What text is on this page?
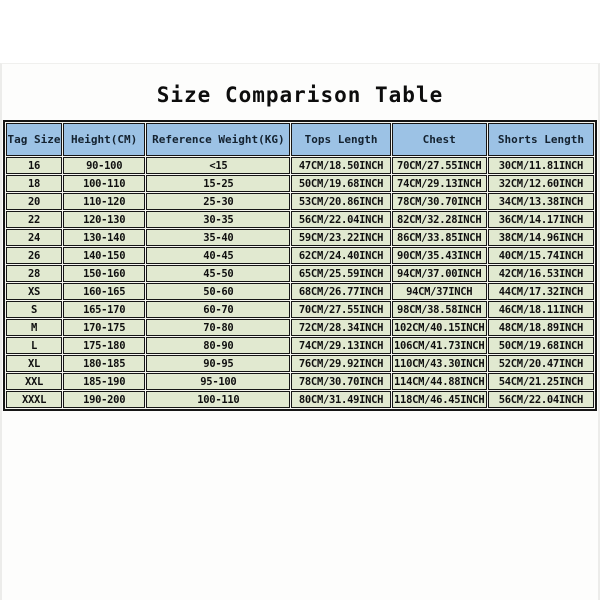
Size Comparison Table
Tag Size	Height(CM)	Reference Weight(KG)	Tops Length	Chest	Shorts Length
16	90-100	<15	47CM/18.50INCH	70CM/27.55INCH	30CM/11.81INCH
18	100-110	15-25	50CM/19.68INCH	74CM/29.13INCH	32CM/12.60INCH
20	110-120	25-30	53CM/20.86INCH	78CM/30.70INCH	34CM/13.38INCH
22	120-130	30-35	56CM/22.04INCH	82CM/32.28INCH	36CM/14.17INCH
24	130-140	35-40	59CM/23.22INCH	86CM/33.85INCH	38CM/14.96INCH
26	140-150	40-45	62CM/24.40INCH	90CM/35.43INCH	40CM/15.74INCH
28	150-160	45-50	65CM/25.59INCH	94CM/37.00INCH	42CM/16.53INCH
XS	160-165	50-60	68CM/26.77INCH	94CM/37INCH	44CM/17.32INCH
S	165-170	60-70	70CM/27.55INCH	98CM/38.58INCH	46CM/18.11INCH
M	170-175	70-80	72CM/28.34INCH	102CM/40.15INCH	48CM/18.89INCH
L	175-180	80-90	74CM/29.13INCH	106CM/41.73INCH	50CM/19.68INCH
XL	180-185	90-95	76CM/29.92INCH	110CM/43.30INCH	52CM/20.47INCH
XXL	185-190	95-100	78CM/30.70INCH	114CM/44.88INCH	54CM/21.25INCH
XXXL	190-200	100-110	80CM/31.49INCH	118CM/46.45INCH	56CM/22.04INCH
